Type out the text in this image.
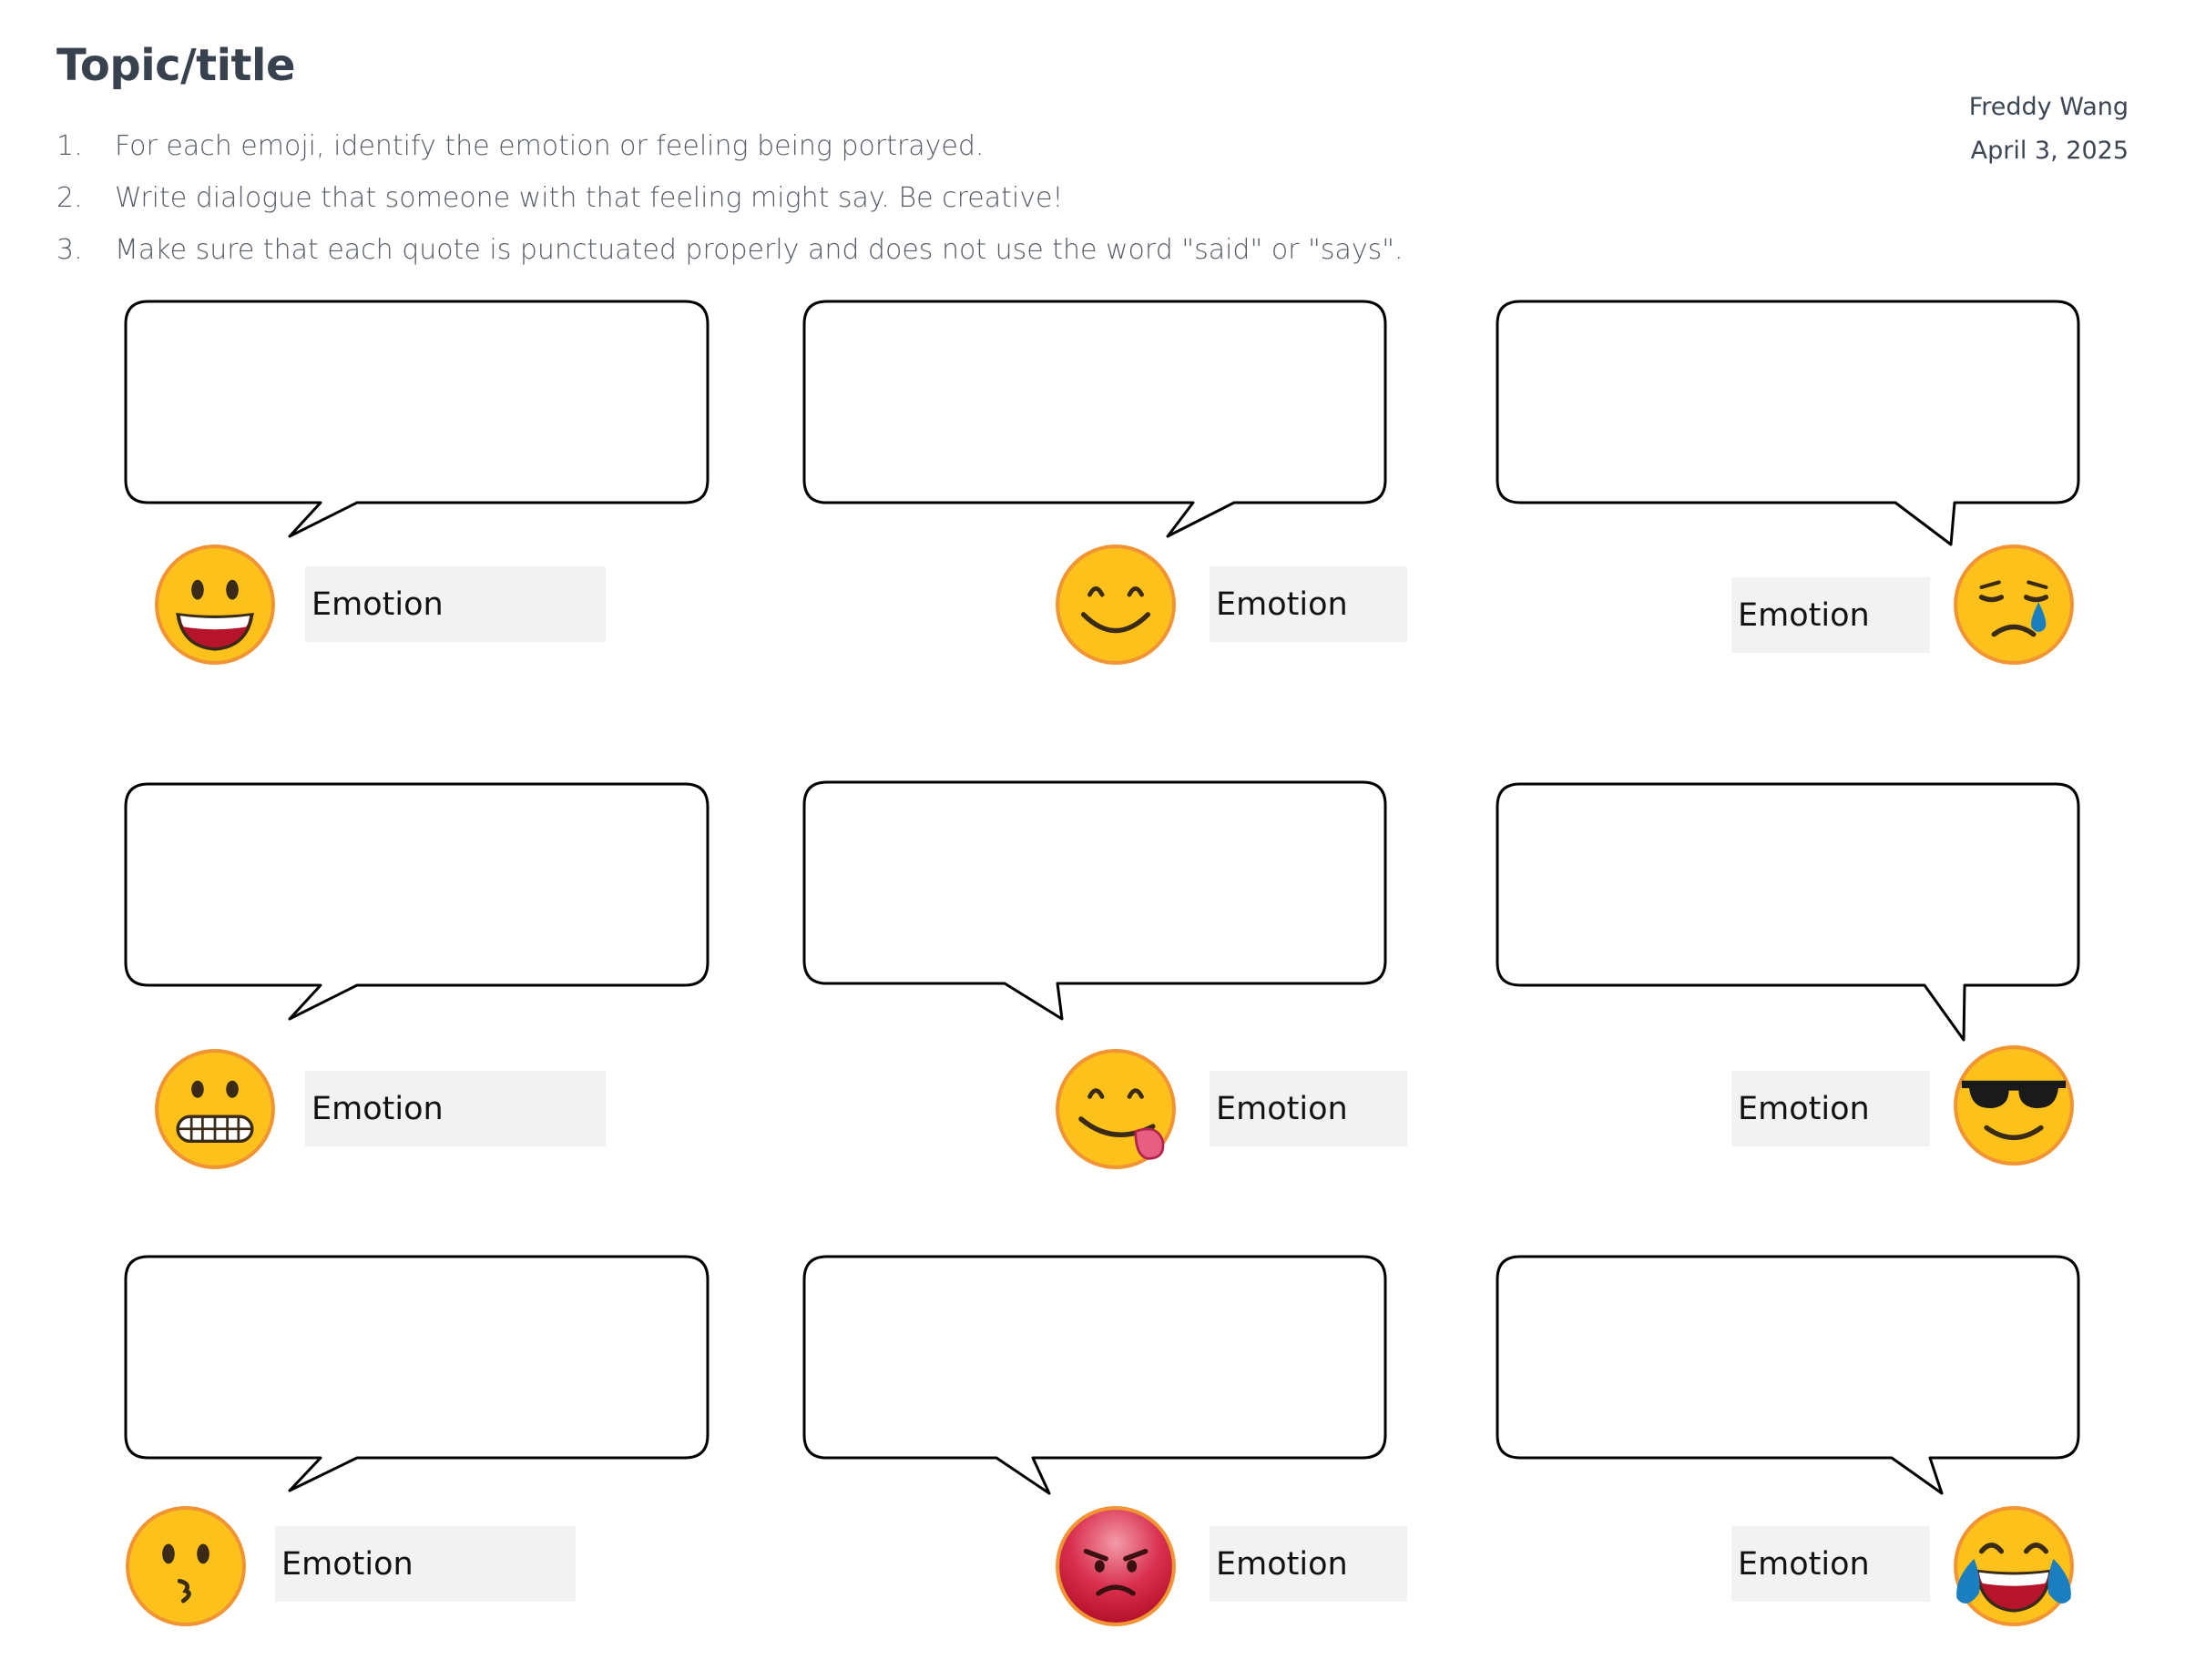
Topic/title
Freddy Wang
April 3, 2025
1.	For each emoji, identify the emotion or feeling being portrayed.
2.	Write dialogue that someone with that feeling might say. Be creative!
3.	Make sure that each quote is punctuated properly and does not use the word "said" or "says".
Emotion	Emotion	Emotion
Emotion	Emotion	Emotion
Emotion	Emotion	Emotion
